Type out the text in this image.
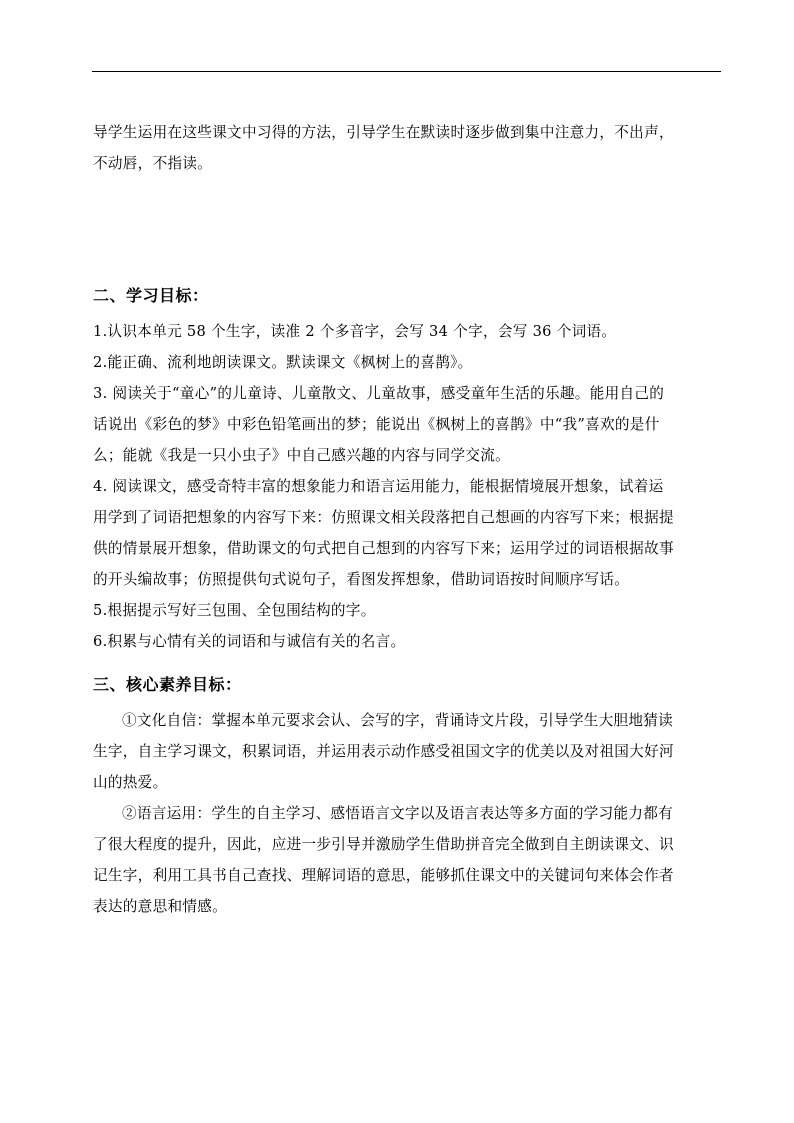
导学生运用在这些课文中习得的方法，引导学生在默读时逐步做到集中注意力，不出声，
不动唇，不指读。
二、学习目标：
1.认识本单元 58 个生字，读准 2 个多音字，会写 34 个字，会写 36 个词语。
2.能正确、流利地朗读课文。默读课文《枫树上的喜鹊》。
3. 阅读关于“童心”的儿童诗、儿童散文、儿童故事，感受童年生活的乐趣。能用自己的
话说出《彩色的梦》中彩色铅笔画出的梦；能说出《枫树上的喜鹊》中“我”喜欢的是什
么；能就《我是一只小虫子》中自己感兴趣的内容与同学交流。
4. 阅读课文，感受奇特丰富的想象能力和语言运用能力，能根据情境展开想象，试着运
用学到了词语把想象的内容写下来：仿照课文相关段落把自己想画的内容写下来；根据提
供的情景展开想象，借助课文的句式把自己想到的内容写下来；运用学过的词语根据故事
的开头编故事；仿照提供句式说句子，看图发挥想象，借助词语按时间顺序写话。
5.根据提示写好三包围、全包围结构的字。
6.积累与心情有关的词语和与诚信有关的名言。
三、核心素养目标：
①文化自信：掌握本单元要求会认、会写的字，背诵诗文片段，引导学生大胆地猜读
生字，自主学习课文，积累词语，并运用表示动作感受祖国文字的优美以及对祖国大好河
山的热爱。
②语言运用：学生的自主学习、感悟语言文字以及语言表达等多方面的学习能力都有
了很大程度的提升，因此，应进一步引导并激励学生借助拼音完全做到自主朗读课文、识
记生字，利用工具书自己查找、理解词语的意思，能够抓住课文中的关键词句来体会作者
表达的意思和情感。
